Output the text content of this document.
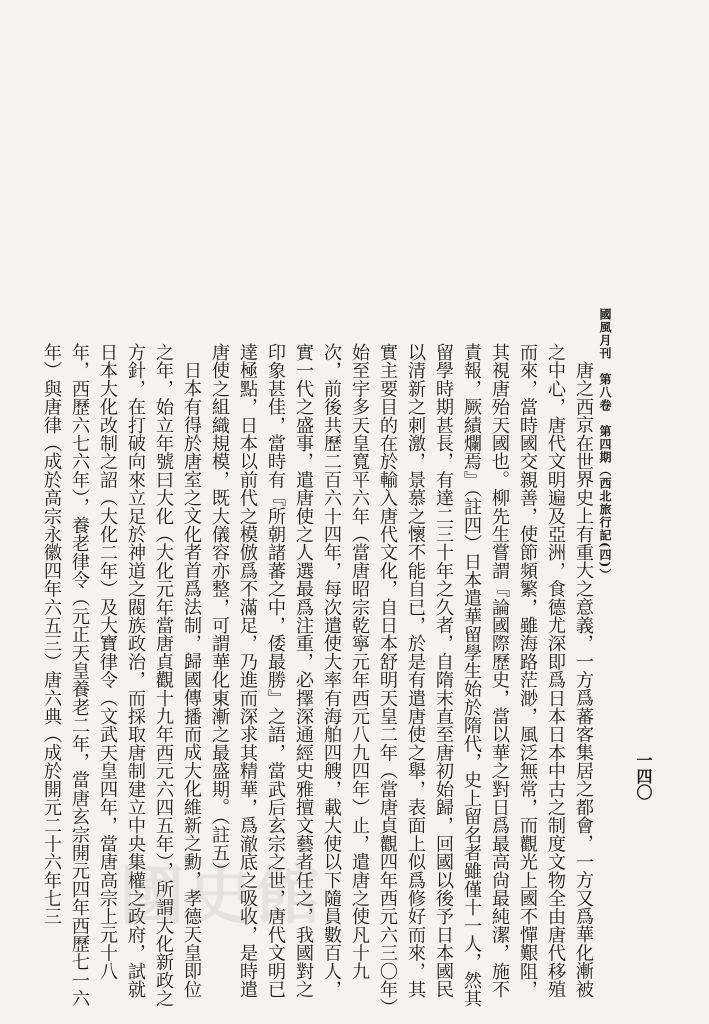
國風月刊　第八卷　第四期（西北旅行記(四)）
一四〇

唐之西京在世界史上有重大之意義，一方爲蕃客集居之都會，一方又爲華化漸被之中心，唐代文明遍及亞洲，食德尤深即爲日本日本中古之制度文物全由唐代移殖而來，當時國交親善，使節頻繁，雖海路茫渺，風泛無常，而觀光上國不憚艱阻，其視唐殆天國也。柳先生嘗謂『論國際歷史，當以華之對日爲最高尙最純潔，施不責報，厥績爛焉』（註四）日本遣華留學生始於隋代，史上留名者雖僅十一人，然其留學時期甚長，有達二三十年之久者，自隋末直至唐初始歸，回國以後予日本國民以清新之刺激，景慕之懷不能自已，於是有遣唐使之舉，表面上似爲修好而來，其實主要目的在於輸入唐代文化，自日本舒明天皇二年（當唐貞觀四年西元六三〇年）始至宇多天皇寬平六年（當唐昭宗乾寧元年西元八九四年）止，遣唐之使凡十九次，前後共歷二百六十四年，每次遣使大率有海舶四艘，載大使以下隨員數百人，實一代之盛事，遣唐使之人選最爲注重，必擇深通經史雅擅文藝者任之，我國對之印象甚佳，當時有『所朝諸蕃之中，倭最勝』之語，當武后玄宗之世，唐代文明已達極點，日本以前代之模倣爲不滿足，乃進而深求其精華，爲澈底之吸收，是時遣唐使之組織規模，既大儀容亦整，可謂華化東漸之最盛期。（註五）

日本有得於唐室之文化者首爲法制，歸國傳播而成大化維新之勳，孝德天皇即位之年，始立年號曰大化（大化元年當唐貞觀十九年西元六四五年），所謂大化新政之方針，在打破向來立足於神道之閥族政治，而採取唐制建立中央集權之政府，試就日本大化改制之詔（大化二年）及大寶律令（文武天皇四年，當唐高宗上元十八年，西歷六七六年），養老律令（元正天皇養老二年，當唐玄宗開元四年西歷七一六年）與唐律（成於高宗永徽四年六五三）唐六典（成於開元二十六年七三 國史館
